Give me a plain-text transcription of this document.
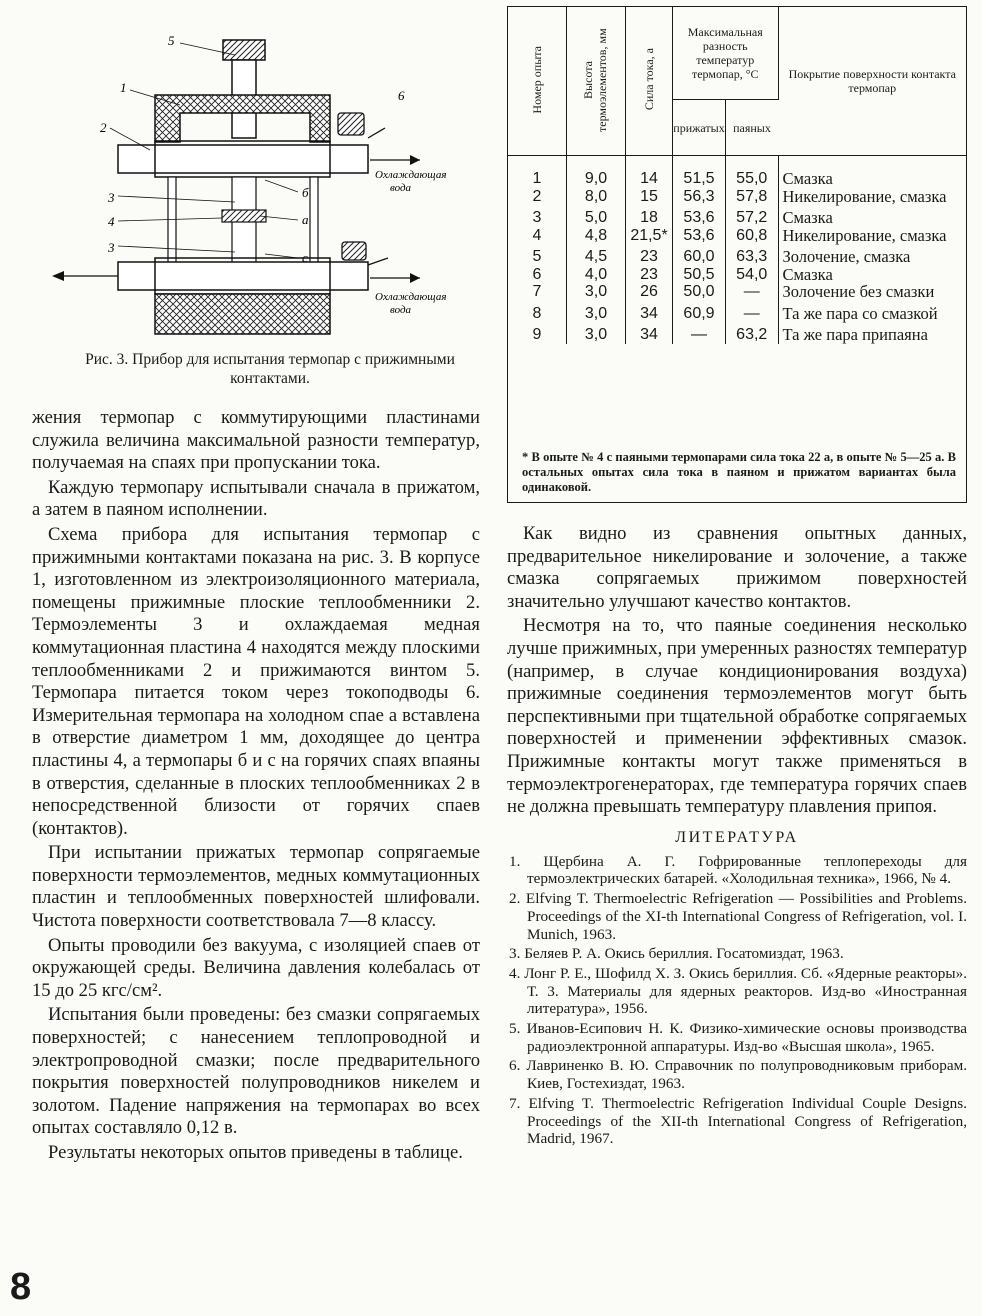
5
1
6
2
3
4
3
б
а
с
Охлаждающая
вода
Охлаждающая
вода

Рис. 3. Прибор для испытания термопар с прижимными контактами.

жения термопар с коммутирующими пластинами служила величина максимальной разности температур, получаемая на спаях при пропускании тока.

Каждую термопару испытывали сначала в прижатом, а затем в паяном исполнении.

Схема прибора для испытания термопар с прижимными контактами показана на рис. 3. В корпусе 1, изготовленном из электроизоляционного материала, помещены прижимные плоские теплообменники 2. Термоэлементы 3 и охлаждаемая медная коммутационная пластина 4 находятся между плоскими теплообменниками 2 и прижимаются винтом 5. Термопара питается током через токоподводы 6. Измерительная термопара на холодном спае а вставлена в отверстие диаметром 1 мм, доходящее до центра пластины 4, а термопары б и с на горячих спаях впаяны в отверстия, сделанные в плоских теплообменниках 2 в непосредственной близости от горячих спаев (контактов).

При испытании прижатых термопар сопрягаемые поверхности термоэлементов, медных коммутационных пластин и теплообменных поверхностей шлифовали. Чистота поверхности соответствовала 7—8 классу.

Опыты проводили без вакуума, с изоляцией спаев от окружающей среды. Величина давления колебалась от 15 до 25 кгс/см².

Испытания были проведены: без смазки сопрягаемых поверхностей; с нанесением теплопроводной и электропроводной смазки; после предварительного покрытия поверхностей полупроводников никелем и золотом. Падение напряжения на термопарах во всех опытах составляло 0,12 в.

Результаты некоторых опытов приведены в таблице.

Номер опыта	Высота термоэлементов, мм	Сила тока, а	Максимальная разность температур термопар, °С		Покрытие поверхности контакта термопар
			прижатых	паяных	
1	9,0	14	51,5	55,0	Смазка
2	8,0	15	56,3	57,8	Никелирование, смазка
3	5,0	18	53,6	57,2	Смазка
4	4,8	21,5*	53,6	60,8	Никелирование, смазка
5	4,5	23	60,0	63,3	Золочение, смазка
6	4,0	23	50,5	54,0	Смазка
7	3,0	26	50,0	—	Золочение без смазки
8	3,0	34	60,9	—	Та же пара со смазкой
9	3,0	34	—	63,2	Та же пара припаяна
* В опыте № 4 с паяными термопарами сила тока 22 а, в опыте № 5—25 а. В остальных опытах сила тока в паяном и прижатом вариантах была одинаковой.

Как видно из сравнения опытных данных, предварительное никелирование и золочение, а также смазка сопрягаемых прижимом поверхностей значительно улучшают качество контактов.

Несмотря на то, что паяные соединения несколько лучше прижимных, при умеренных разностях температур (например, в случае кондиционирования воздуха) прижимные соединения термоэлементов могут быть перспективными при тщательной обработке сопрягаемых поверхностей и применении эффективных смазок. Прижимные контакты могут также применяться в термоэлектрогенераторах, где температура горячих спаев не должна превышать температуру плавления припоя.

ЛИТЕРАТУРА

1. Щербина А. Г. Гофрированные теплопереходы для термоэлектрических батарей. «Холодильная техника», 1966, № 4.

2. Elfving T. Thermoelectric Refrigeration — Possibilities and Problems. Proceedings of the XI-th International Congress of Refrigeration, vol. I. Munich, 1963.

3. Беляев Р. А. Окись бериллия. Госатомиздат, 1963.

4. Лонг Р. Е., Шофилд Х. З. Окись бериллия. Сб. «Ядерные реакторы». Т. 3. Материалы для ядерных реакторов. Изд-во «Иностранная литература», 1956.

5. Иванов-Есипович Н. К. Физико-химические основы производства радиоэлектронной аппаратуры. Изд-во «Высшая школа», 1965.

6. Лавриненко В. Ю. Справочник по полупроводниковым приборам. Киев, Гостехиздат, 1963.

7. Elfving T. Thermoelectric Refrigeration Individual Couple Designs. Proceedings of the XII-th International Congress of Refrigeration, Madrid, 1967.

8
